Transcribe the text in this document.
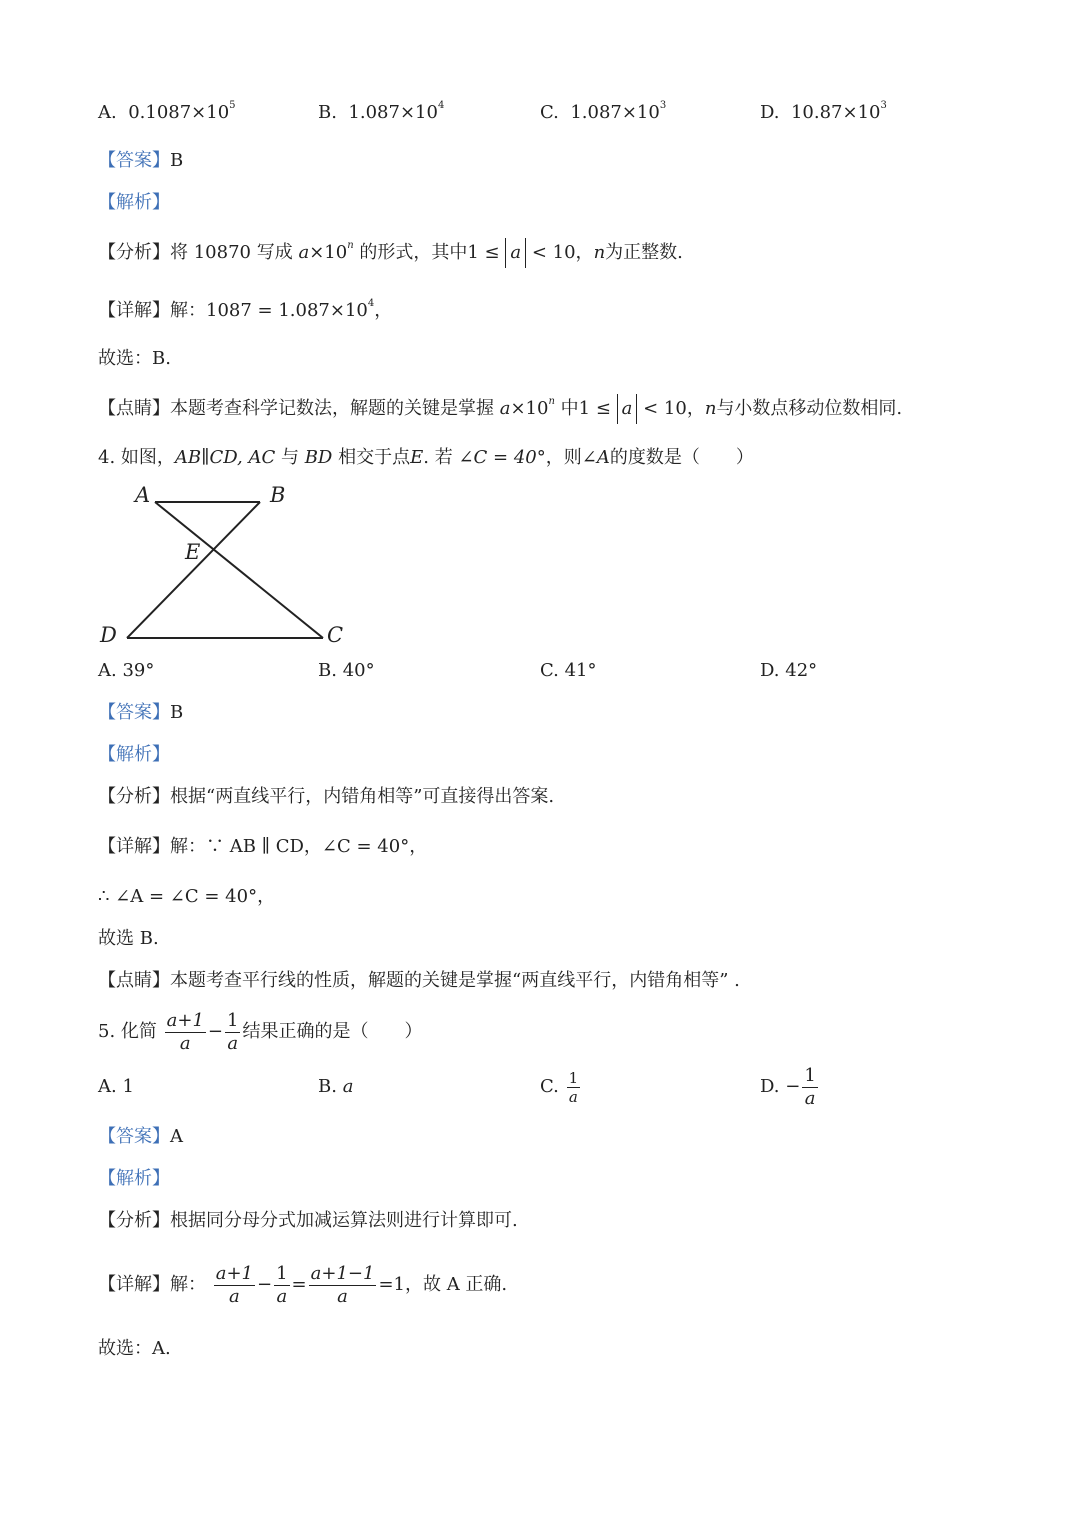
A. $0.1087\times 10^5$	B. $1.087\times 10^4$	C. $1.087\times 10^3$	D. $10.87\times 10^3$
【答案】B
【解析】
【分析】将 10870 写成 $a\times 10^n$ 的形式，其中1 ≤ a < 10，n为正整数.
【详解】解：$1087 = 1.087\times 10^4$，
故选：B.
【点睛】本题考查科学记数法，解题的关键是掌握 $a\times 10^n$ 中1 ≤ a < 10，n与小数点移动位数相同.
4. 如图，AB∥CD, AC 与 BD 相交于点E. 若 ∠C = 40°，则∠A的度数是（　　）
A	B
E
D	C
A. 39°	B. 40°	C. 41°	D. 42°
【答案】B
【解析】
【分析】根据“两直线平行，内错角相等”可直接得出答案.
【详解】解：∵ AB ∥ CD，∠C = 40°，
∴ ∠A = ∠C = 40°，
故选 B.
【点睛】本题考查平行线的性质，解题的关键是掌握“两直线平行，内错角相等” .
5. 化简 $\frac{a+1}{a} - \frac{1}{a}$ 结果正确的是（　　）
A. 1	B. a	C. $\frac{1}{a}$	D. − $\frac{1}{a}$
【答案】A
【解析】
【分析】根据同分母分式加减运算法则进行计算即可.
【详解】解： $\frac{a+1}{a} - \frac{1}{a} = \frac{a+1-1}{a} =1$，故 A 正确.
故选：A.
